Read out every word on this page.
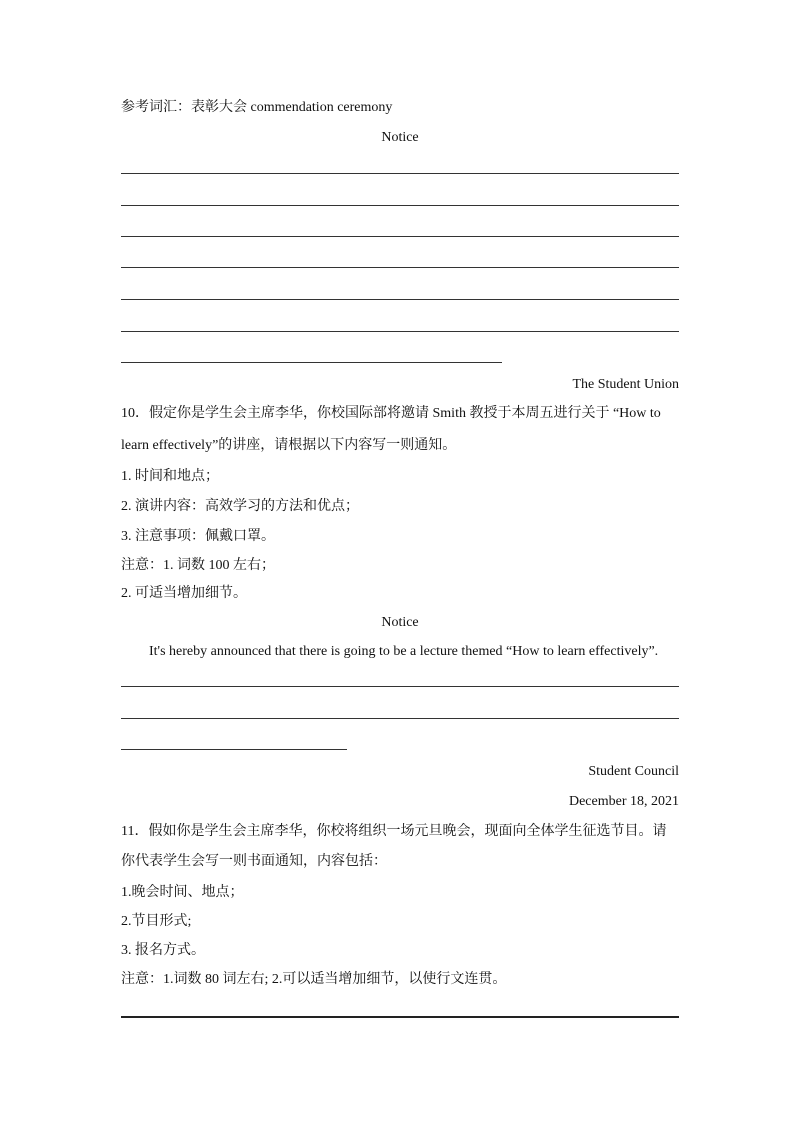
参考词汇：表彰大会 commendation ceremony
Notice
The Student Union
10．假定你是学生会主席李华，你校国际部将邀请 Smith 教授于本周五进行关于 “How to
learn effectively”的讲座，请根据以下内容写一则通知。
1. 时间和地点；
2. 演讲内容：高效学习的方法和优点；
3. 注意事项：佩戴口罩。
注意：1. 词数 100 左右；
2. 可适当增加细节。
Notice
It's hereby announced that there is going to be a lecture themed “How to learn effectively”.
Student Council
December 18, 2021
11．假如你是学生会主席李华，你校将组织一场元旦晚会，现面向全体学生征选节目。请
你代表学生会写一则书面通知，内容包括：
1.晚会时间、地点；
2.节目形式;
3. 报名方式。
注意：1.词数 80 词左右; 2.可以适当增加细节，以使行文连贯。
